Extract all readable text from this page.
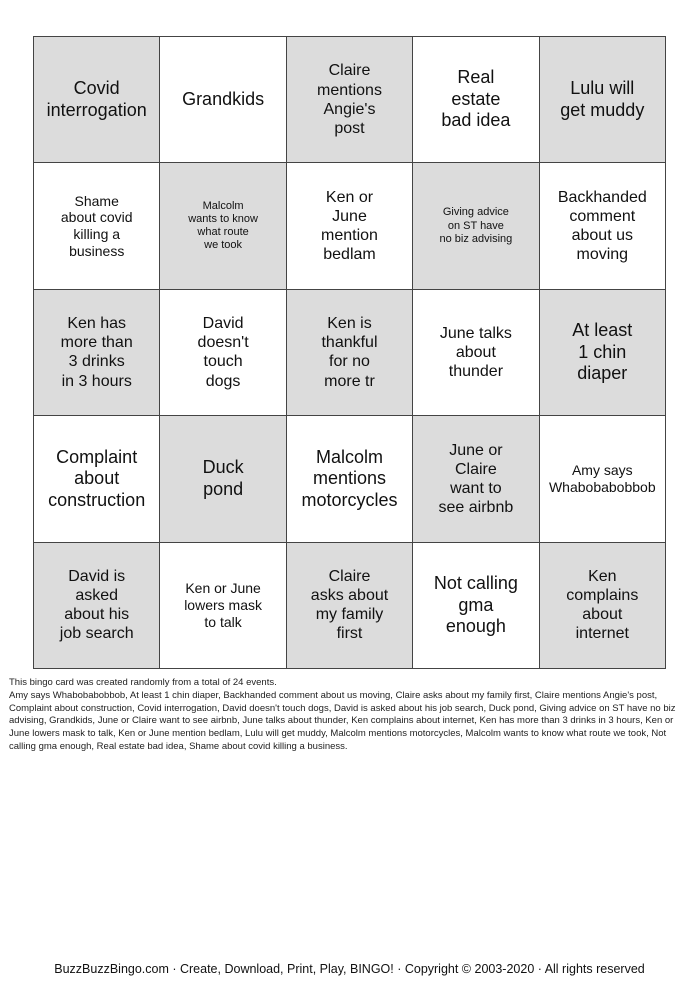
Covid
interrogation
Grandkids
Claire
mentions
Angie's
post
Real
estate
bad idea
Lulu will
get muddy
Shame
about covid
killing a
business
Malcolm
wants to know
what route
we took
Ken or
June
mention
bedlam
Giving advice
on ST have
no biz advising
Backhanded
comment
about us
moving
Ken has
more than
3 drinks
in 3 hours
David
doesn't
touch
dogs
Ken is
thankful
for no
more tr
June talks
about
thunder
At least
1 chin
diaper
Complaint
about
construction
Duck
pond
Malcolm
mentions
motorcycles
June or
Claire
want to
see airbnb
Amy says
Whabobabobbob
David is
asked
about his
job search
Ken or June
lowers mask
to talk
Claire
asks about
my family
first
Not calling
gma
enough
Ken
complains
about
internet

This bingo card was created randomly from a total of 24 events.

Amy says Whabobabobbob, At least 1 chin diaper, Backhanded comment about us moving, Claire asks about my family first, Claire mentions Angie's post, Complaint about construction, Covid interrogation, David doesn't touch dogs, David is asked about his job search, Duck pond, Giving advice on ST have no biz advising, Grandkids, June or Claire want to see airbnb, June talks about thunder, Ken complains about internet, Ken has more than 3 drinks in 3 hours, Ken or June lowers mask to talk, Ken or June mention bedlam, Lulu will get muddy, Malcolm mentions motorcycles, Malcolm wants to know what route we took, Not calling gma enough, Real estate bad idea, Shame about covid killing a business.

BuzzBuzzBingo.com · Create, Download, Print, Play, BINGO! · Copyright © 2003-2020 · All rights reserved
